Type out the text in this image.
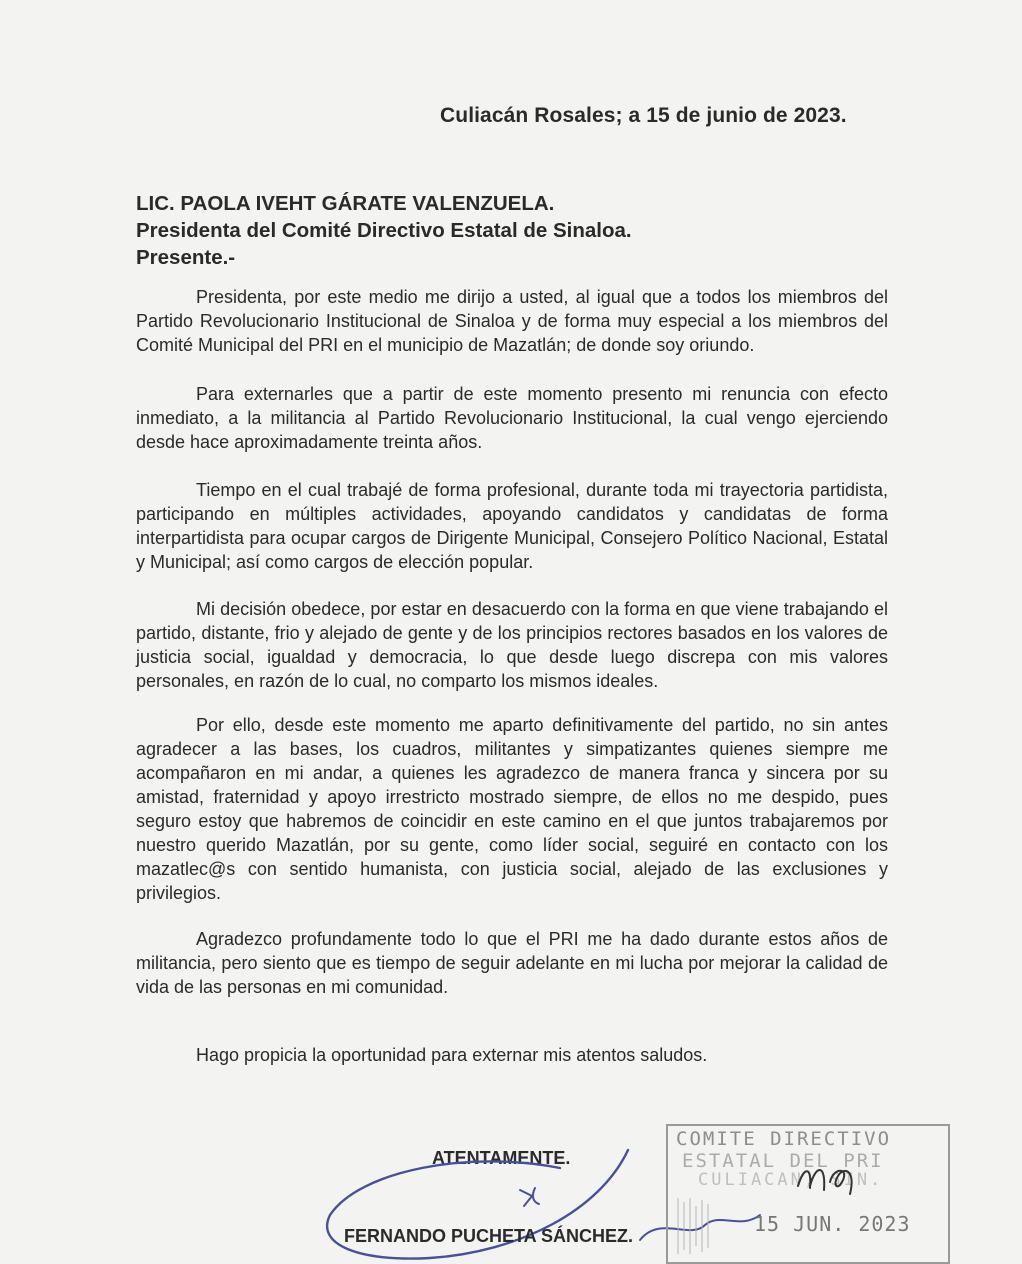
Culiacán Rosales; a 15 de junio de 2023.
LIC. PAOLA IVEHT GÁRATE VALENZUELA.
Presidenta del Comité Directivo Estatal de Sinaloa.
Presente.-
Presidenta, por este medio me dirijo a usted, al igual que a todos los miembros del Partido Revolucionario Institucional de Sinaloa y de forma muy especial a los miembros del Comité Municipal del PRI en el municipio de Mazatlán; de donde soy oriundo.
Para externarles que a partir de este momento presento mi renuncia con efecto inmediato, a la militancia al Partido Revolucionario Institucional, la cual vengo ejerciendo desde hace aproximadamente treinta años.
Tiempo en el cual trabajé de forma profesional, durante toda mi trayectoria partidista, participando en múltiples actividades, apoyando candidatos y candidatas de forma interpartidista para ocupar cargos de Dirigente Municipal, Consejero Político Nacional, Estatal y Municipal; así como cargos de elección popular.
Mi decisión obedece, por estar en desacuerdo con la forma en que viene trabajando el partido, distante, frio y alejado de gente y de los principios rectores basados en los valores de justicia social, igualdad y democracia, lo que desde luego discrepa con mis valores personales, en razón de lo cual, no comparto los mismos ideales.
Por ello, desde este momento me aparto definitivamente del partido, no sin antes agradecer a las bases, los cuadros, militantes y simpatizantes quienes siempre me acompañaron en mi andar, a quienes les agradezco de manera franca y sincera por su amistad, fraternidad y apoyo irrestricto mostrado siempre, de ellos no me despido, pues seguro estoy que habremos de coincidir en este camino en el que juntos trabajaremos por nuestro querido Mazatlán, por su gente, como líder social, seguiré en contacto con los mazatlec@s con sentido humanista, con justicia social, alejado de las exclusiones y privilegios.
Agradezco profundamente todo lo que el PRI me ha dado durante estos años de militancia, pero siento que es tiempo de seguir adelante en mi lucha por mejorar la calidad de vida de las personas en mi comunidad.
Hago propicia la oportunidad para externar mis atentos saludos.
ATENTAMENTE.
FERNANDO PUCHETA SÁNCHEZ.
COMITE DIRECTIVO
ESTATAL DEL PRI
CULIACAN, SIN.
15 JUN. 2023
